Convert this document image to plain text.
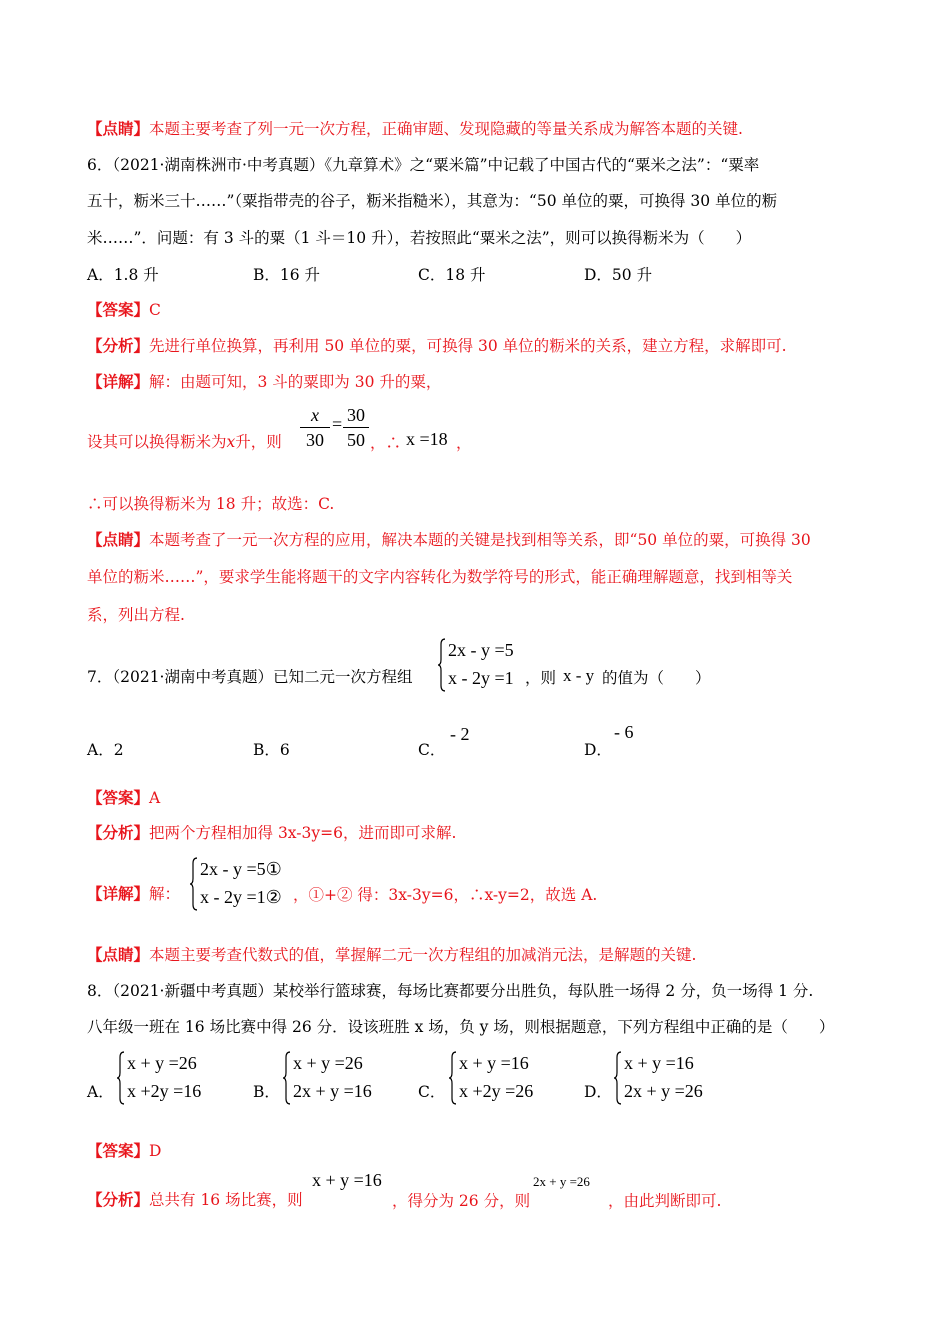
【点睛】本题主要考查了列一元一次方程，正确审题、发现隐藏的等量关系成为解答本题的关键.
6．（2021·湖南株洲市·中考真题）《九章算术》之“粟米篇”中记载了中国古代的“粟米之法”：“粟率
五十，粝米三十……”（粟指带壳的谷子，粝米指糙米），其意为：“50 单位的粟，可换得 30 单位的粝
米……”．问题：有 3 斗的粟（1 斗＝10 升），若按照此“粟米之法”，则可以换得粝米为（　　）
A．1.8 升	B．16 升	C．18 升	D．50 升
【答案】C
【分析】先进行单位换算，再利用 50 单位的粟，可换得 30 单位的粝米的关系，建立方程，求解即可.
【详解】解：由题可知，3 斗的粟即为 30 升的粟，
设其可以换得粝米为x升，则 $\frac{x}{30} = \frac{30}{50}$ ，∴ x =18 ，
∴可以换得粝米为 18 升；故选：C.
【点睛】本题考查了一元一次方程的应用，解决本题的关键是找到相等关系，即“50 单位的粟，可换得 30
单位的粝米……”，要求学生能将题干的文字内容转化为数学符号的形式，能正确理解题意，找到相等关
系，列出方程.
7．（2021·湖南中考真题）已知二元一次方程组
2x - y =5
x - 2y =1 ，则 x - y 的值为（　　）
A．2	B．6	C．
- 2
D．
- 6
【答案】A
【分析】把两个方程相加得 3x-3y=6，进而即可求解.
【详解】解：
2x - y =5①
x - 2y =1② ，①+② 得：3x-3y=6，∴x-y=2，故选 A.
【点睛】本题主要考查代数式的值，掌握解二元一次方程组的加减消元法，是解题的关键.
8．（2021·新疆中考真题）某校举行篮球赛，每场比赛都要分出胜负，每队胜一场得 2 分，负一场得 1 分.
八年级一班在 16 场比赛中得 26 分．设该班胜 x 场，负 y 场，则根据题意，下列方程组中正确的是（　　）
A．
x + y =26
x +2y =16	B．
x + y =26
2x + y =16	C．
x + y =16
x +2y =26	D．
x + y =16
2x + y =26
【答案】D
【分析】总共有 16 场比赛，则
x + y =16
，得分为 26 分，则
2x + y =26
，由此判断即可.
